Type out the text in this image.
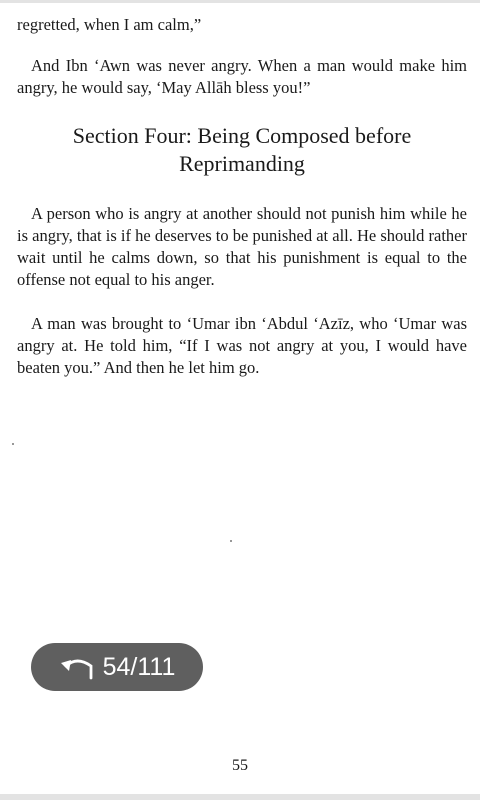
regretted, when I am calm,”

And Ibn ‘Awn was never angry. When a man would make him angry, he would say, ‘May Allāh bless you!”

Section Four: Being Composed before
Reprimanding

A person who is angry at another should not punish him while he is angry, that is if he deserves to be punished at all. He should rather wait until he calms down, so that his punishment is equal to the offense not equal to his anger.

A man was brought to ‘Umar ibn ‘Abdul ‘Azīz, who ‘Umar was angry at. He told him, “If I was not angry at you, I would have beaten you.” And then he let him go.

54/111
55
